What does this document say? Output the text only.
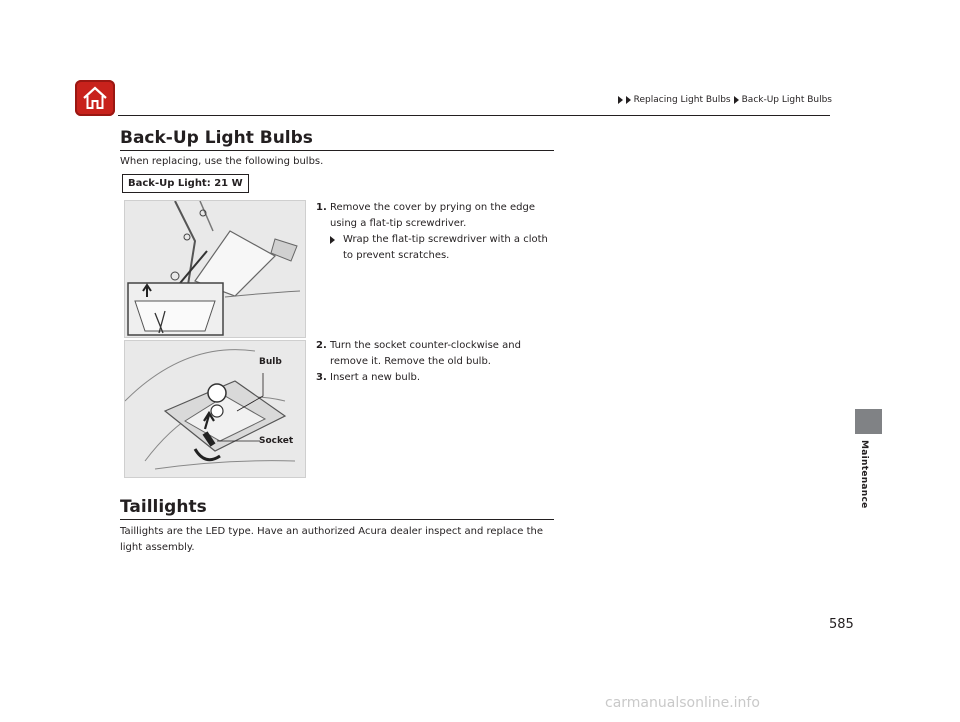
Replacing Light Bulbs Back-Up Light Bulbs
Back-Up Light Bulbs
When replacing, use the following bulbs.
Back-Up Light: 21 W
Bulb
Socket
1. Remove the cover by prying on the edge using a flat-tip screwdriver.
Wrap the flat-tip screwdriver with a cloth to prevent scratches.
2. Turn the socket counter-clockwise and remove it. Remove the old bulb.
3. Insert a new bulb.
Taillights
Taillights are the LED type. Have an authorized Acura dealer inspect and replace the light assembly.
Maintenance
585
carmanualsonline.info
